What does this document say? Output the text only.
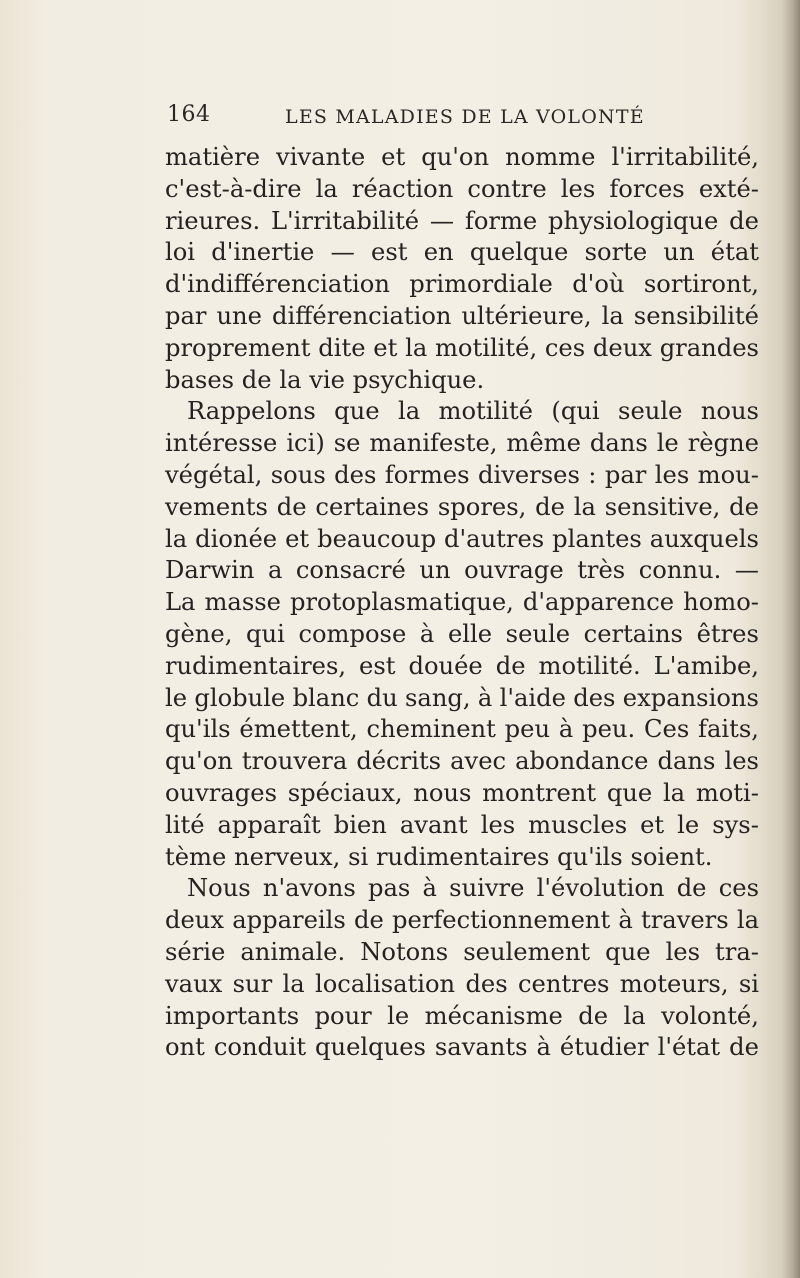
164	LES MALADIES DE LA VOLONTÉ
matière vivante et qu'on nomme l'irritabilité,
c'est-à-dire la réaction contre les forces exté-
rieures. L'irritabilité — forme physiologique de
loi d'inertie — est en quelque sorte un état
d'indifférenciation primordiale d'où sortiront,
par une différenciation ultérieure, la sensibilité
proprement dite et la motilité, ces deux grandes
bases de la vie psychique.
Rappelons que la motilité (qui seule nous
intéresse ici) se manifeste, même dans le règne
végétal, sous des formes diverses : par les mou-
vements de certaines spores, de la sensitive, de
la dionée et beaucoup d'autres plantes auxquels
Darwin a consacré un ouvrage très connu. —
La masse protoplasmatique, d'apparence homo-
gène, qui compose à elle seule certains êtres
rudimentaires, est douée de motilité. L'amibe,
le globule blanc du sang, à l'aide des expansions
qu'ils émettent, cheminent peu à peu. Ces faits,
qu'on trouvera décrits avec abondance dans les
ouvrages spéciaux, nous montrent que la moti-
lité apparaît bien avant les muscles et le sys-
tème nerveux, si rudimentaires qu'ils soient.
Nous n'avons pas à suivre l'évolution de ces
deux appareils de perfectionnement à travers la
série animale. Notons seulement que les tra-
vaux sur la localisation des centres moteurs, si
importants pour le mécanisme de la volonté,
ont conduit quelques savants à étudier l'état de
